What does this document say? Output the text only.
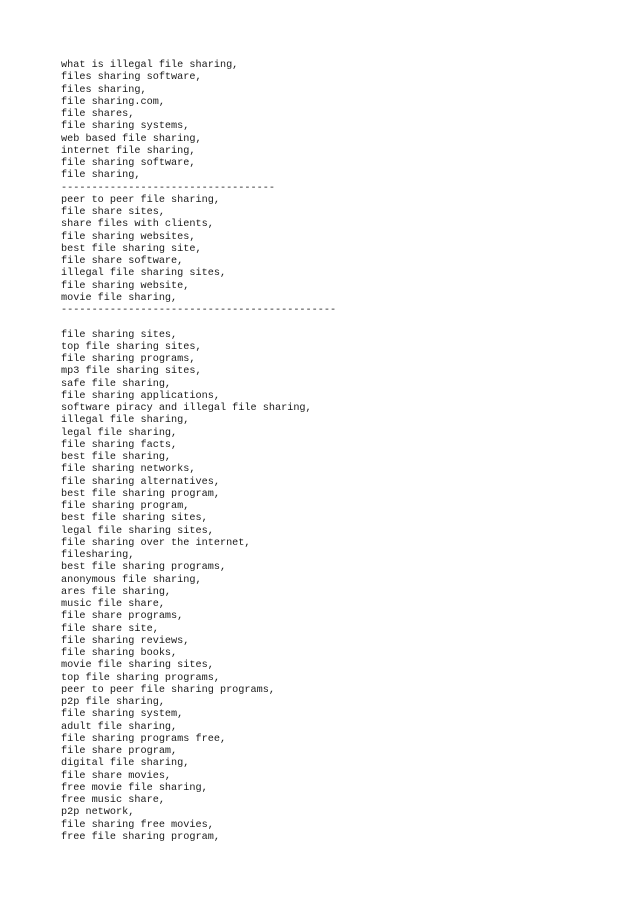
what is illegal file sharing,
files sharing software,
files sharing,
file sharing.com,
file shares,
file sharing systems,
web based file sharing,
internet file sharing,
file sharing software,
file sharing,
-----------------------------------
peer to peer file sharing,
file share sites,
share files with clients,
file sharing websites,
best file sharing site,
file share software,
illegal file sharing sites,
file sharing website,
movie file sharing,
---------------------------------------------
file sharing sites,
top file sharing sites,
file sharing programs,
mp3 file sharing sites,
safe file sharing,
file sharing applications,
software piracy and illegal file sharing,
illegal file sharing,
legal file sharing,
file sharing facts,
best file sharing,
file sharing networks,
file sharing alternatives,
best file sharing program,
file sharing program,
best file sharing sites,
legal file sharing sites,
file sharing over the internet,
filesharing,
best file sharing programs,
anonymous file sharing,
ares file sharing,
music file share,
file share programs,
file share site,
file sharing reviews,
file sharing books,
movie file sharing sites,
top file sharing programs,
peer to peer file sharing programs,
p2p file sharing,
file sharing system,
adult file sharing,
file sharing programs free,
file share program,
digital file sharing,
file share movies,
free movie file sharing,
free music share,
p2p network,
file sharing free movies,
free file sharing program,
